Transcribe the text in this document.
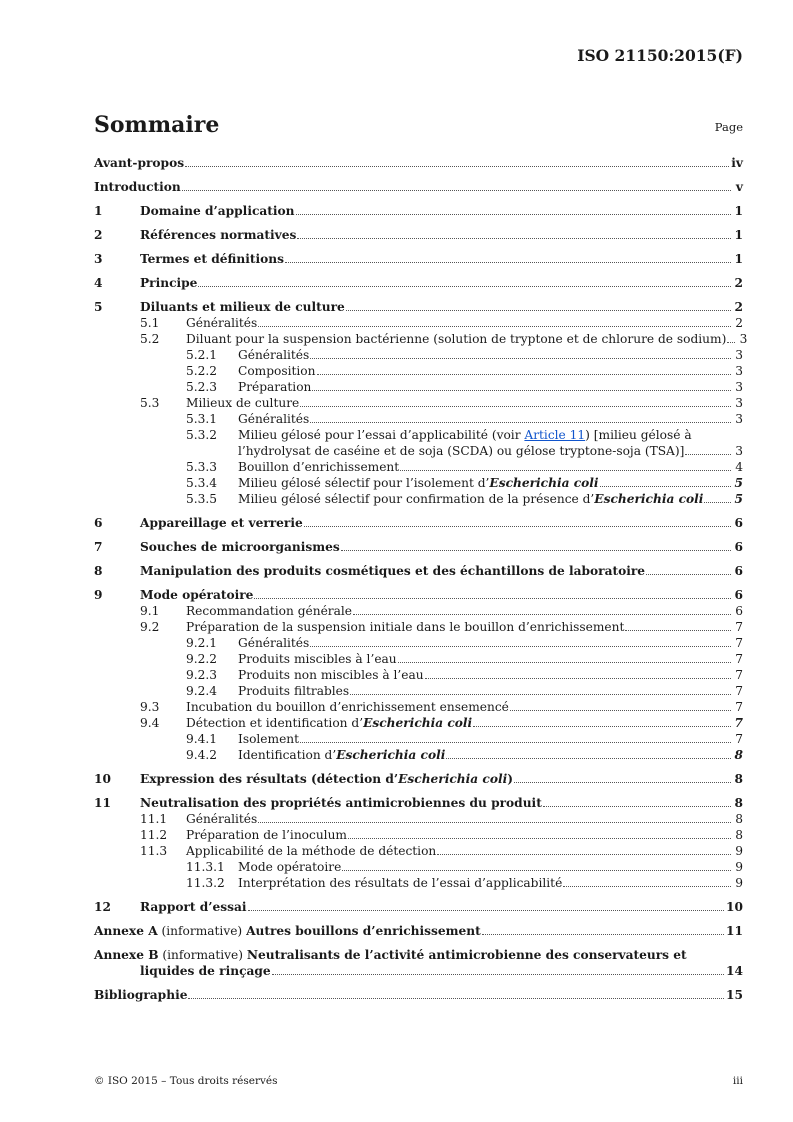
ISO 21150:2015(F)
Sommaire	Page
Avant-propos	iv
Introduction	v
1	Domaine d’application	1
2	Références normatives	1
3	Termes et définitions	1
4	Principe	2
5	Diluants et milieux de culture	2
5.1 Généralités	2
5.2 Diluant pour la suspension bactérienne (solution de tryptone et de chlorure de sodium) 3
5.2.1 Généralités	3
5.2.2 Composition	3
5.2.3 Préparation	3
5.3 Milieux de culture	3
5.3.1 Généralités	3
5.3.2 Milieu gélosé pour l’essai d’applicabilité (voir Article 11) [milieu gélosé à
l’hydrolysat de caséine et de soja (SCDA) ou gélose tryptone-soja (TSA)]	3
5.3.3 Bouillon d’enrichissement	4
5.3.4 Milieu gélosé sélectif pour l’isolement d’Escherichia coli	5
5.3.5 Milieu gélosé sélectif pour confirmation de la présence d’Escherichia coli	5
6	Appareillage et verrerie	6
7	Souches de microorganismes	6
8	Manipulation des produits cosmétiques et des échantillons de laboratoire	6
9	Mode opératoire	6
9.1 Recommandation générale	6
9.2 Préparation de la suspension initiale dans le bouillon d’enrichissement	7
9.2.1 Généralités	7
9.2.2 Produits miscibles à l’eau	7
9.2.3 Produits non miscibles à l’eau	7
9.2.4 Produits filtrables	7
9.3 Incubation du bouillon d’enrichissement ensemencé	7
9.4 Détection et identification d’Escherichia coli	7
9.4.1 Isolement	7
9.4.2 Identification d’Escherichia coli	8
10 Expression des résultats (détection d’Escherichia coli)	8
11 Neutralisation des propriétés antimicrobiennes du produit	8
11.1 Généralités	8
11.2 Préparation de l’inoculum	8
11.3 Applicabilité de la méthode de détection	9
11.3.1 Mode opératoire	9
11.3.2 Interprétation des résultats de l’essai d’applicabilité	9
12 Rapport d’essai	10
Annexe A (informative) Autres bouillons d’enrichissement	11
Annexe B (informative) Neutralisants de l’activité antimicrobienne des conservateurs et
liquides de rinçage	14
Bibliographie	15
© ISO 2015 – Tous droits réservés	iii
